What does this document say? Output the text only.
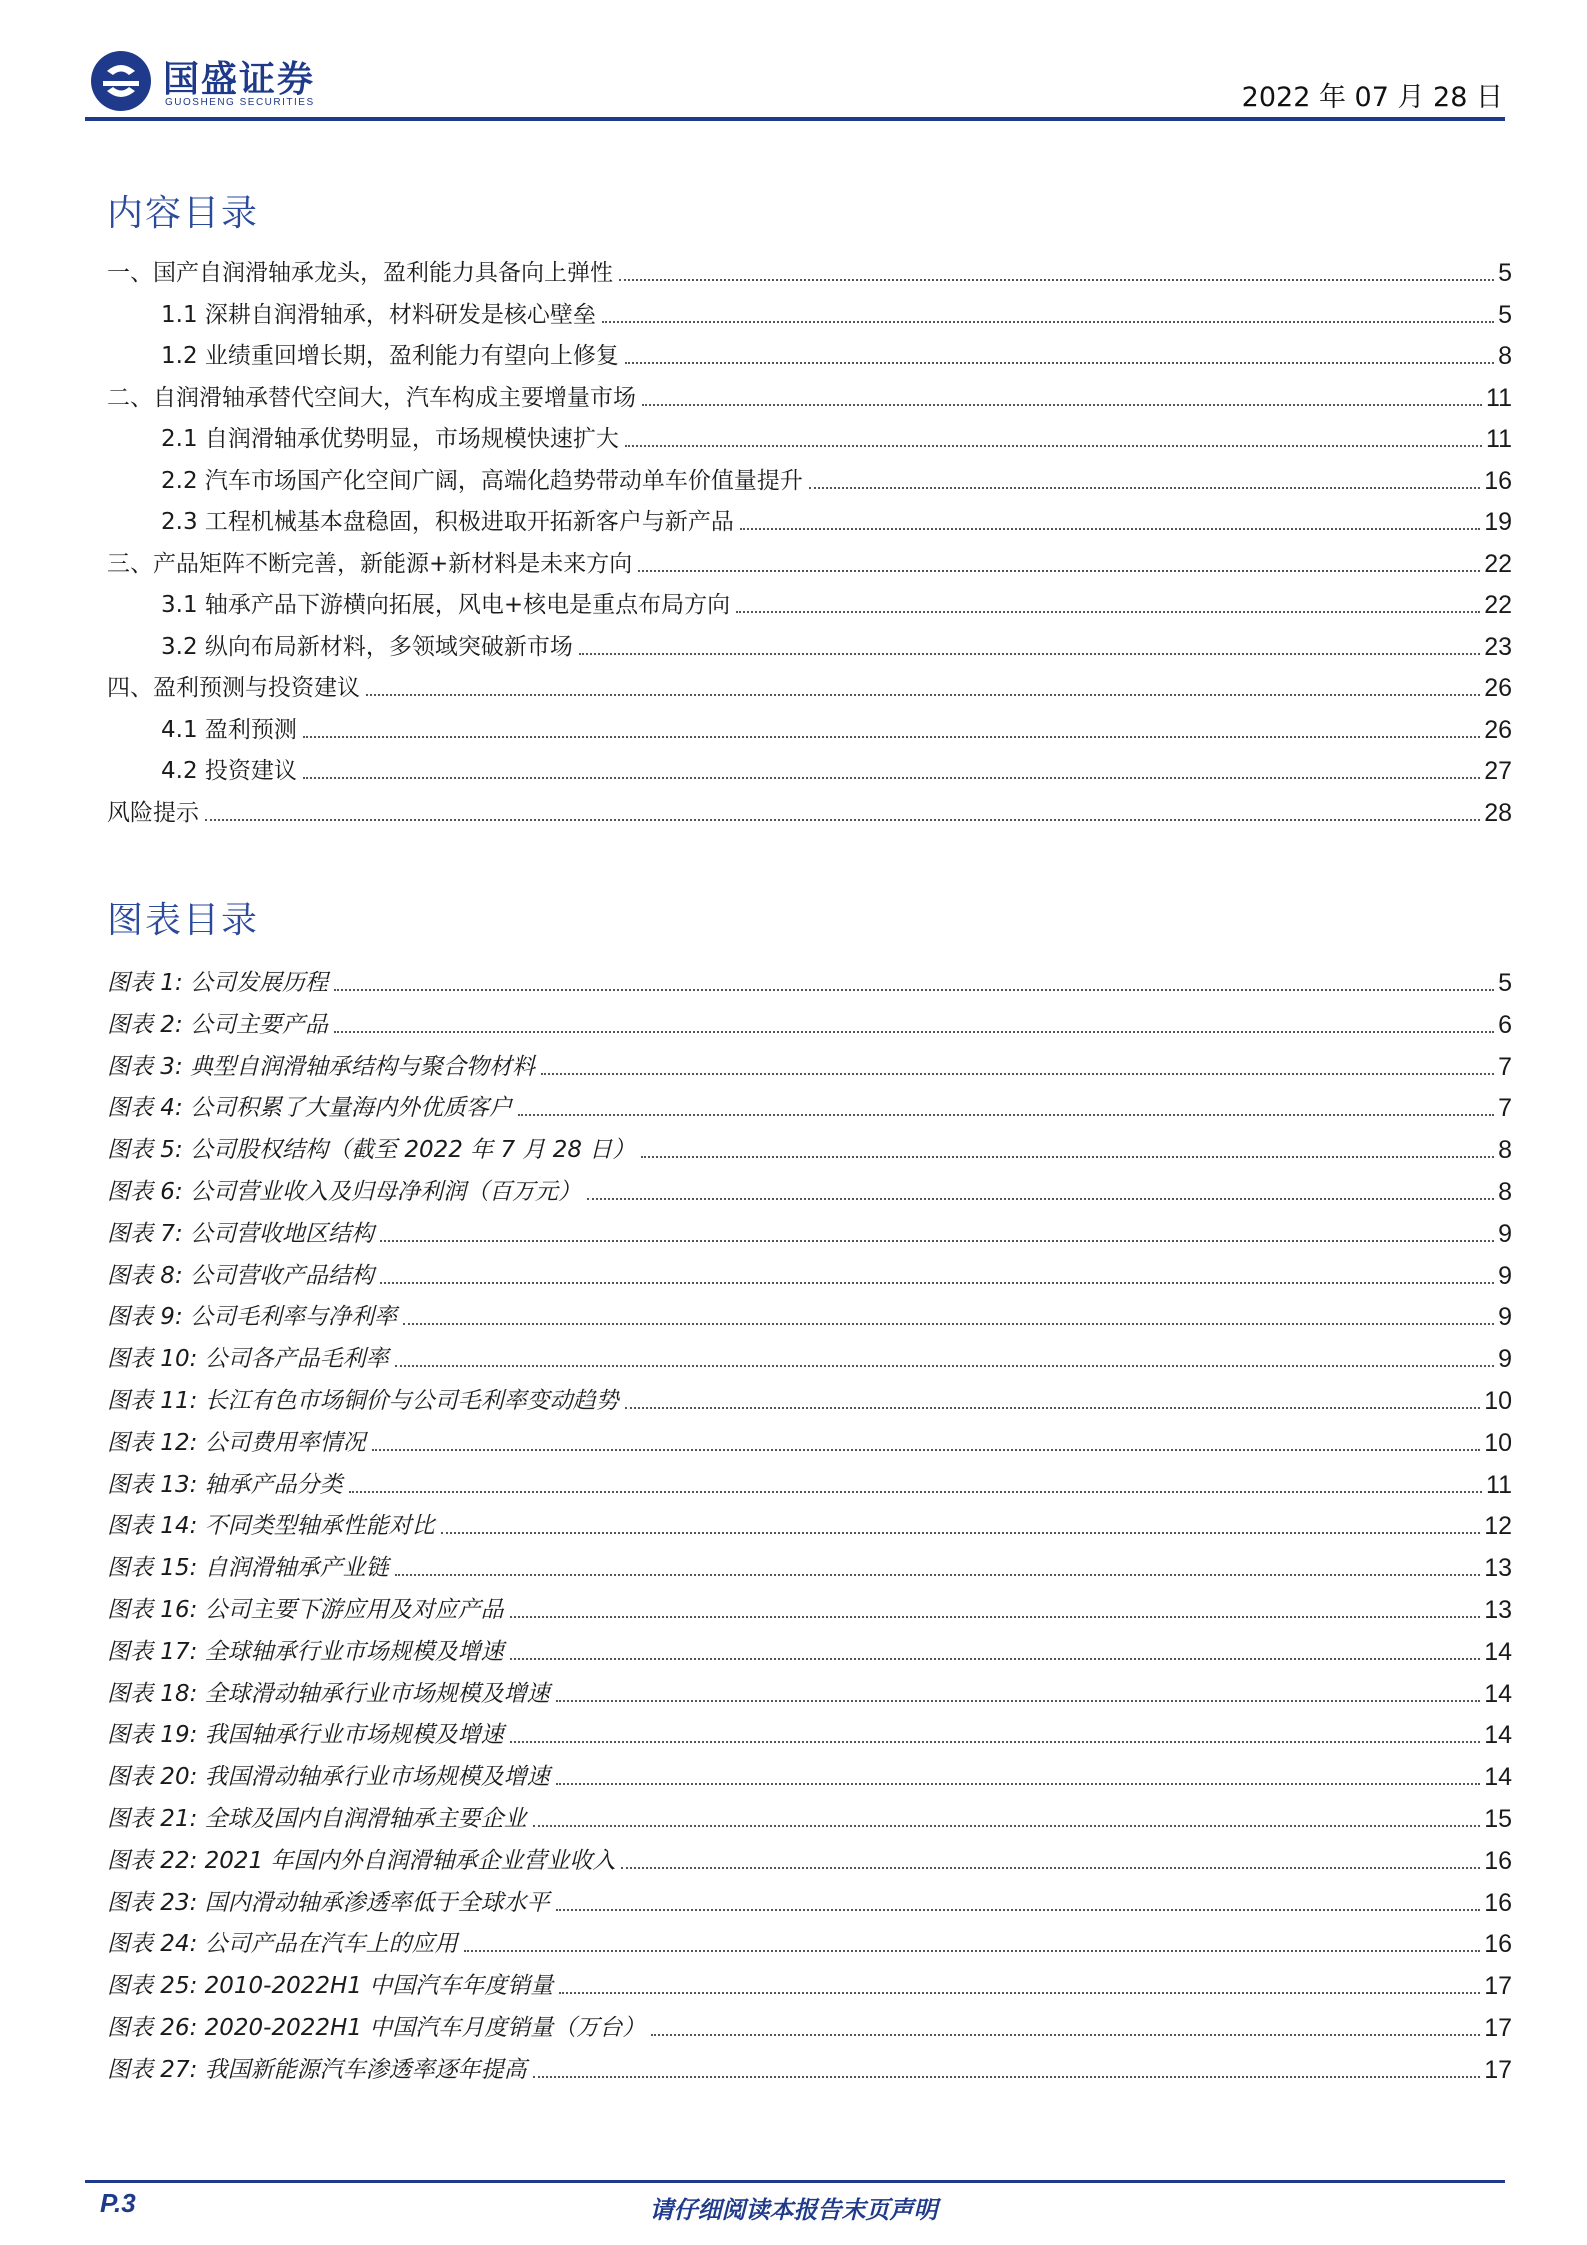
国盛证券
GUOSHENG SECURITIES	2022 年 07 月 28 日
内容目录
一、国产自润滑轴承龙头，盈利能力具备向上弹性	5
1.1 深耕自润滑轴承，材料研发是核心壁垒	5
1.2 业绩重回增长期，盈利能力有望向上修复	8
二、自润滑轴承替代空间大，汽车构成主要增量市场	11
2.1 自润滑轴承优势明显，市场规模快速扩大	11
2.2 汽车市场国产化空间广阔，高端化趋势带动单车价值量提升	16
2.3 工程机械基本盘稳固，积极进取开拓新客户与新产品	19
三、产品矩阵不断完善，新能源+新材料是未来方向	22
3.1 轴承产品下游横向拓展，风电+核电是重点布局方向	22
3.2 纵向布局新材料，多领域突破新市场	23
四、盈利预测与投资建议	26
4.1 盈利预测	26
4.2 投资建议	27
风险提示	28
图表目录
图表 1: 公司发展历程	5
图表 2: 公司主要产品	6
图表 3: 典型自润滑轴承结构与聚合物材料	7
图表 4: 公司积累了大量海内外优质客户	7
图表 5: 公司股权结构（截至 2022 年 7 月 28 日）	8
图表 6: 公司营业收入及归母净利润（百万元）	8
图表 7: 公司营收地区结构	9
图表 8: 公司营收产品结构	9
图表 9: 公司毛利率与净利率	9
图表 10: 公司各产品毛利率	9
图表 11: 长江有色市场铜价与公司毛利率变动趋势	10
图表 12: 公司费用率情况	10
图表 13: 轴承产品分类	11
图表 14: 不同类型轴承性能对比	12
图表 15: 自润滑轴承产业链	13
图表 16: 公司主要下游应用及对应产品	13
图表 17: 全球轴承行业市场规模及增速	14
图表 18: 全球滑动轴承行业市场规模及增速	14
图表 19: 我国轴承行业市场规模及增速	14
图表 20: 我国滑动轴承行业市场规模及增速	14
图表 21: 全球及国内自润滑轴承主要企业	15
图表 22: 2021 年国内外自润滑轴承企业营业收入	16
图表 23: 国内滑动轴承渗透率低于全球水平	16
图表 24: 公司产品在汽车上的应用	16
图表 25: 2010-2022H1 中国汽车年度销量	17
图表 26: 2020-2022H1 中国汽车月度销量（万台）	17
图表 27: 我国新能源汽车渗透率逐年提高	17
P.3	请仔细阅读本报告末页声明
